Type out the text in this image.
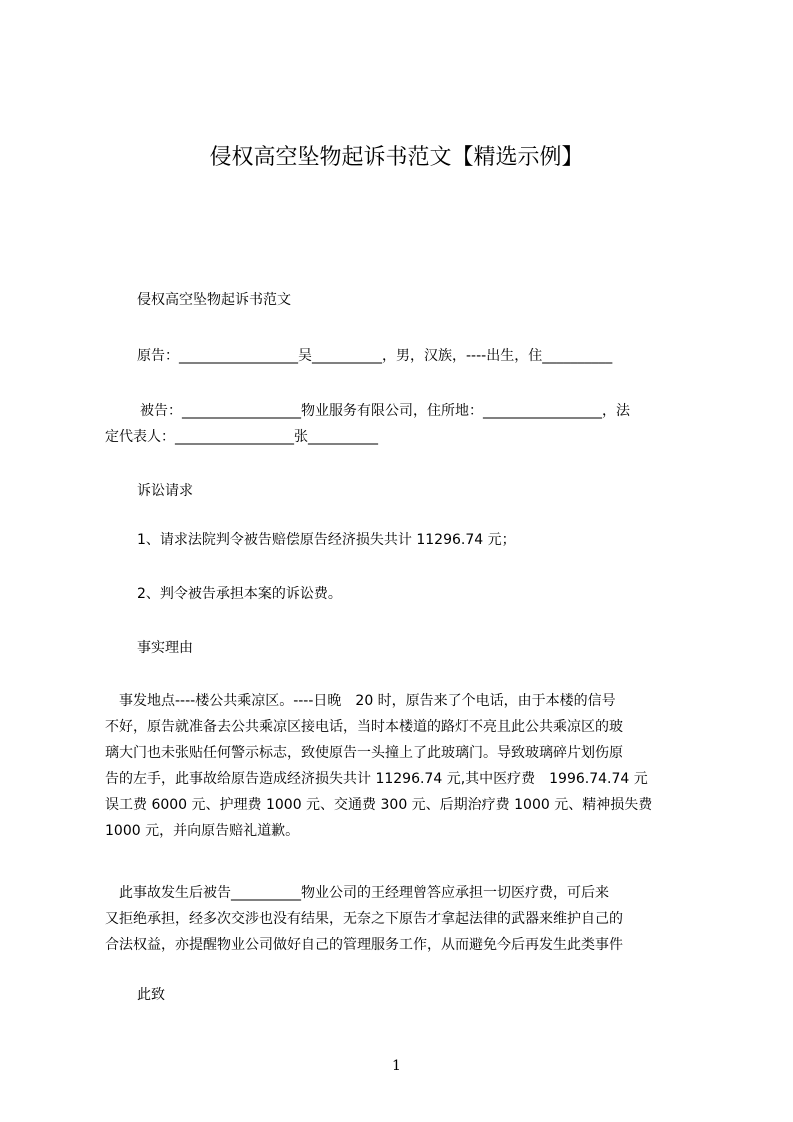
侵权高空坠物起诉书范文【精选示例】
侵权高空坠物起诉书范文
原告：_________________吴__________，男，汉族，----出生，住__________
被告：_________________物业服务有限公司，住所地：_________________，法
定代表人：_________________张__________
诉讼请求
1、请求法院判令被告赔偿原告经济损失共计 11296.74 元；
2、判令被告承担本案的诉讼费。
事实理由
　事发地点----楼公共乘凉区。----日晚　20 时，原告来了个电话，由于本楼的信号
不好，原告就准备去公共乘凉区接电话，当时本楼道的路灯不亮且此公共乘凉区的玻
璃大门也未张贴任何警示标志，致使原告一头撞上了此玻璃门。导致玻璃碎片划伤原
告的左手，此事故给原告造成经济损失共计 11296.74 元,其中医疗费　1996.74.74 元
误工费 6000 元、护理费 1000 元、交通费 300 元、后期治疗费 1000 元、精神损失费
1000 元，并向原告赔礼道歉。
　此事故发生后被告__________物业公司的王经理曾答应承担一切医疗费，可后来
又拒绝承担，经多次交涉也没有结果，无奈之下原告才拿起法律的武器来维护自己的
合法权益，亦提醒物业公司做好自己的管理服务工作，从而避免今后再发生此类事件
此致
1
